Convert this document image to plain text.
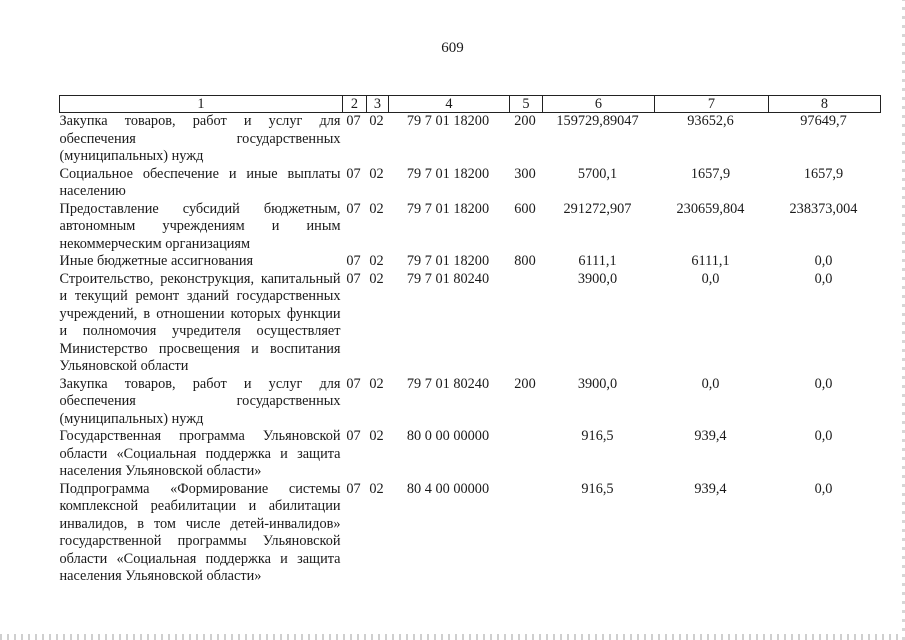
609
1	2	3	4	5	6	7	8
Закупка товаров, работ и услуг для обеспечения государственных (муниципальных) нужд	07	02	79 7 01 18200	200	159729,89047	93652,6	97649,7
Социальное обеспечение и иные выплаты населению	07	02	79 7 01 18200	300	5700,1	1657,9	1657,9
Предоставление субсидий бюджетным, автономным учреждениям и иным некоммерческим организациям	07	02	79 7 01 18200	600	291272,907	230659,804	238373,004
Иные бюджетные ассигнования	07	02	79 7 01 18200	800	6111,1	6111,1	0,0
Строительство, реконструкция, капитальный и текущий ремонт зданий государственных учреждений, в отношении которых функции и полномочия учредителя осуществляет Министерство просвещения и воспитания Ульяновской области	07	02	79 7 01 80240		3900,0	0,0	0,0
Закупка товаров, работ и услуг для обеспечения государственных (муниципальных) нужд	07	02	79 7 01 80240	200	3900,0	0,0	0,0
Государственная программа Ульяновской области «Социальная поддержка и защита населения Ульяновской области»	07	02	80 0 00 00000		916,5	939,4	0,0
Подпрограмма «Формирование системы комплексной реабилитации и абилитации инвалидов, в том числе детей-инвалидов» государственной программы Ульяновской области «Социальная поддержка и защита населения Ульяновской области»	07	02	80 4 00 00000		916,5	939,4	0,0
